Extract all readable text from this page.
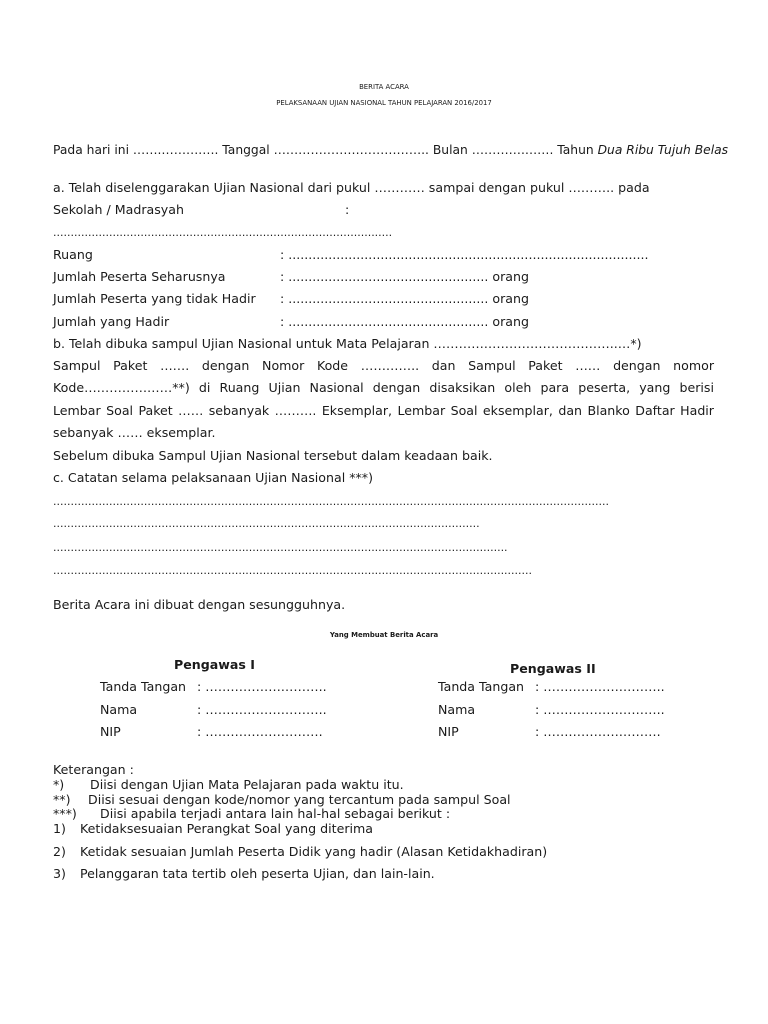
BERITA ACARA
PELAKSANAAN UJIAN NASIONAL TAHUN PELAJARAN 2016/2017
Pada hari ini …….……….…. Tanggal ……………………………….. Bulan ………….……. Tahun Dua Ribu Tujuh Belas
a. Telah diselenggarakan Ujian Nasional dari pukul ………… sampai dengan pukul ……….. pada
Sekolah / Madrasyah	:
.................................................................................................
Ruang	: ..........................................................................................
Jumlah Peserta Seharusnya	: .................................................. orang
Jumlah Peserta yang tidak Hadir : .................................................. orang
Jumlah yang Hadir	: .................................................. orang
b. Telah dibuka sampul Ujian Nasional untuk Mata Pelajaran ……………………………………..…*)
Sampul Paket ……. dengan Nomor Kode ………….. dan Sampul Paket …… dengan nomor
Kode…………………**) di Ruang Ujian Nasional dengan disaksikan oleh para peserta, yang berisi
Lembar Soal Paket …… sebanyak ………. Eksemplar, Lembar Soal eksemplar, dan Blanko Daftar Hadir
sebanyak …… eksemplar.
Sebelum dibuka Sampul Ujian Nasional tersebut dalam keadaan baik.
c. Catatan selama pelaksanaan Ujian Nasional ***)
...............................................................................................................................................................
..........................................................................................................................
..................................................................................................................................
.........................................................................................................................................
Berita Acara ini dibuat dengan sesungguhnya.
Yang Membuat Berita Acara
Pengawas I
Tanda Tangan : ………………………..
Nama	: ………………………..
NIP	: ……………………….
Pengawas II
Tanda Tangan : ………………………..
Nama	: ………………………..
NIP	: ……………………….
Keterangan :
*) Diisi dengan Ujian Mata Pelajaran pada waktu itu.
**) Diisi sesuai dengan kode/nomor yang tercantum pada sampul Soal
***) Diisi apabila terjadi antara lain hal-hal sebagai berikut :
1) Ketidaksesuaian Perangkat Soal yang diterima
2) Ketidak sesuaian Jumlah Peserta Didik yang hadir (Alasan Ketidakhadiran)
3) Pelanggaran tata tertib oleh peserta Ujian, dan lain-lain.
